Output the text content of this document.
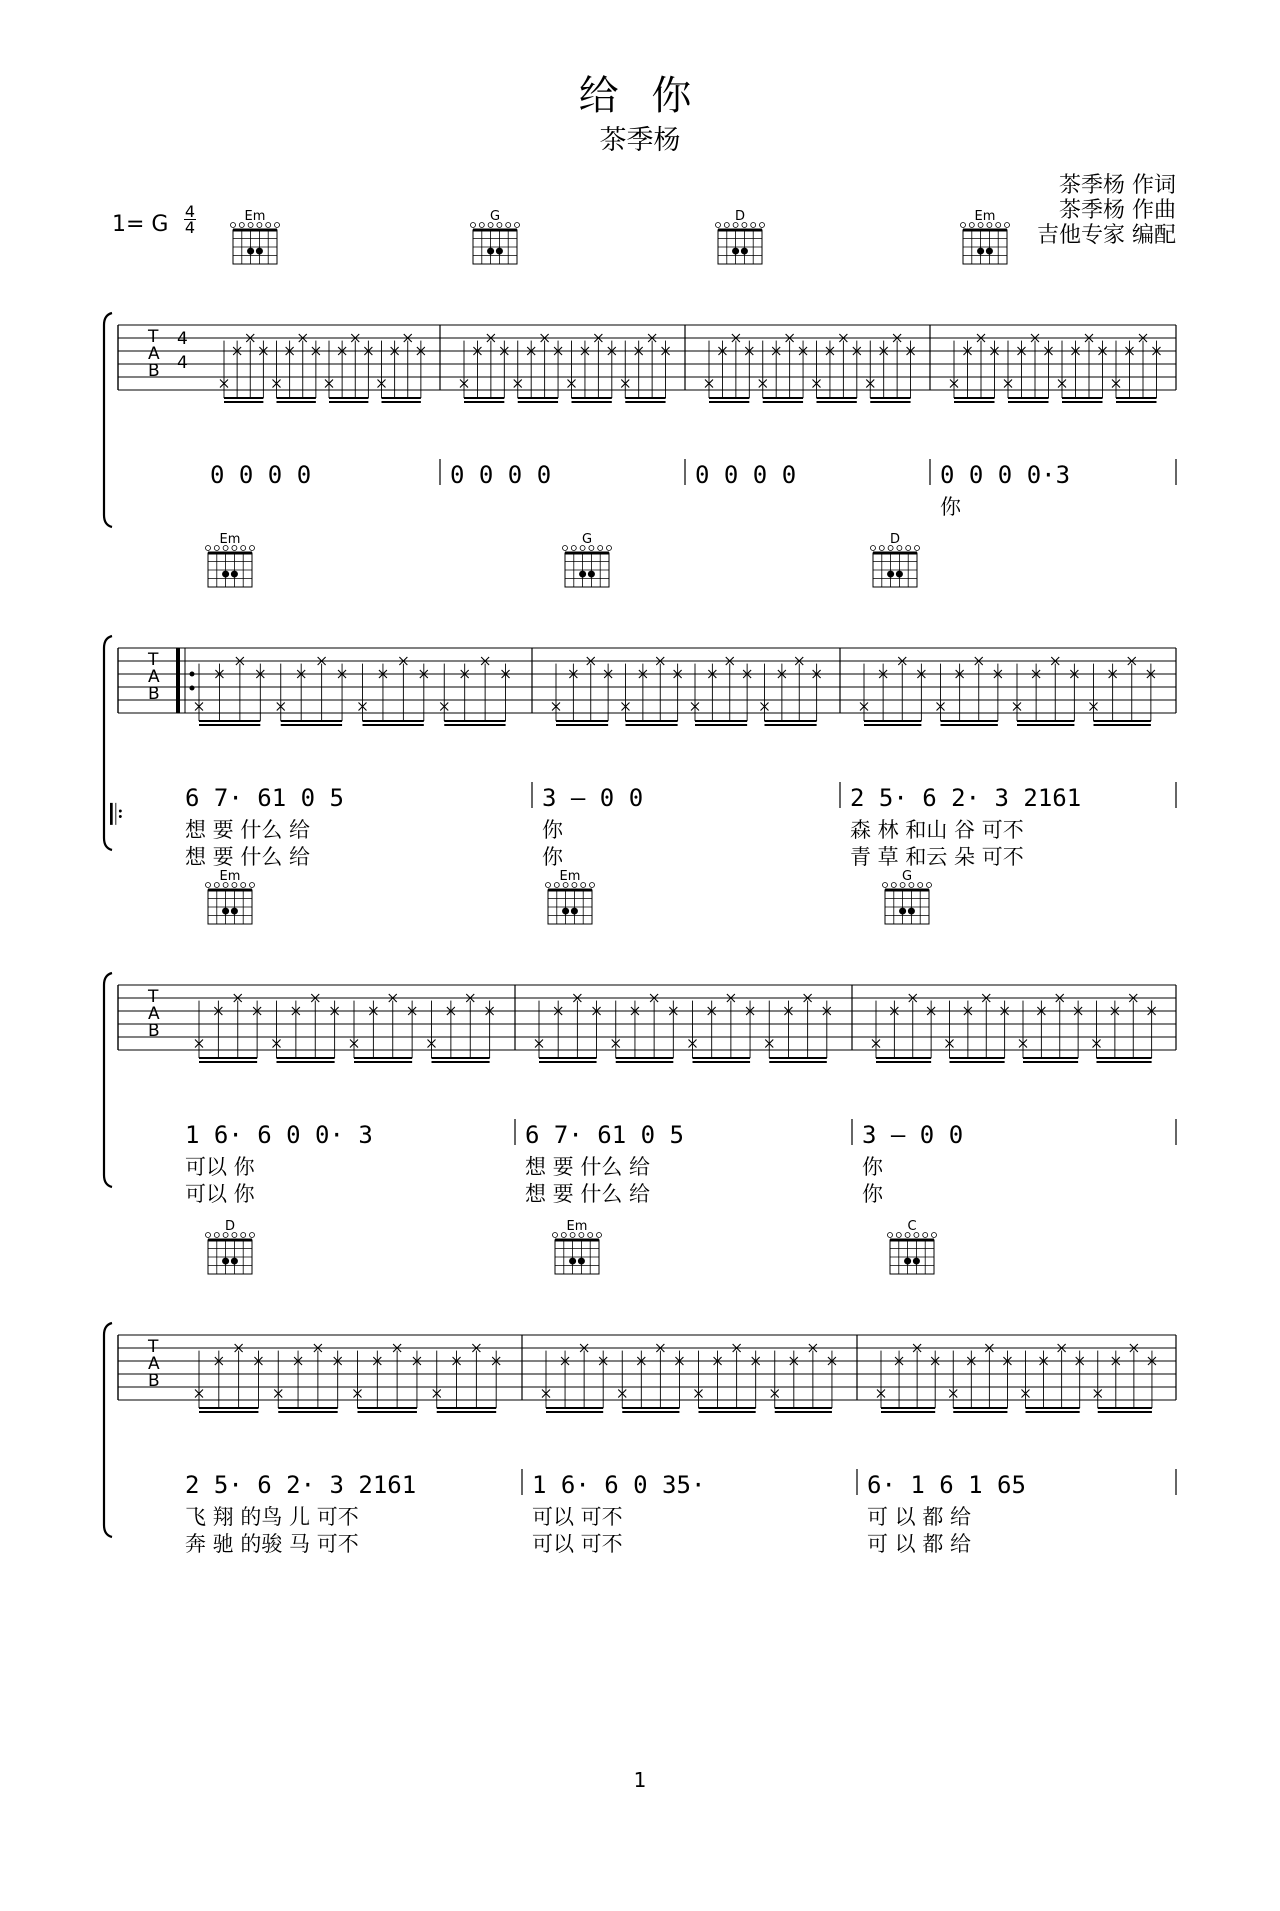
给 你
茶季杨
茶季杨 作词
茶季杨 作曲
吉他专家 编配
1= G
4
4
T
A
B
4
4
Em
0 0 0 0
G
0 0 0 0
D
0 0 0 0
Em
0 0 0 0·3
你
T
A
B
𝄆
Em
6 7· 61 0 5
想 要 什么 给
想 要 什么 给
G
3 — 0 0
你
你
D
2 5· 6 2· 3 2161
森 林 和山 谷 可不
青 草 和云 朵 可不
T
A
B
Em
1 6· 6 0 0· 3
可以 你
可以 你
Em
6 7· 61 0 5
想 要 什么 给
想 要 什么 给
G
3 — 0 0
你
你
T
A
B
D
2 5· 6 2· 3 2161
飞 翔 的鸟 儿 可不
奔 驰 的骏 马 可不
Em
1 6· 6 0 35·
可以 可不
可以 可不
C
6· 1 6 1 65
可 以 都 给
可 以 都 给
1
